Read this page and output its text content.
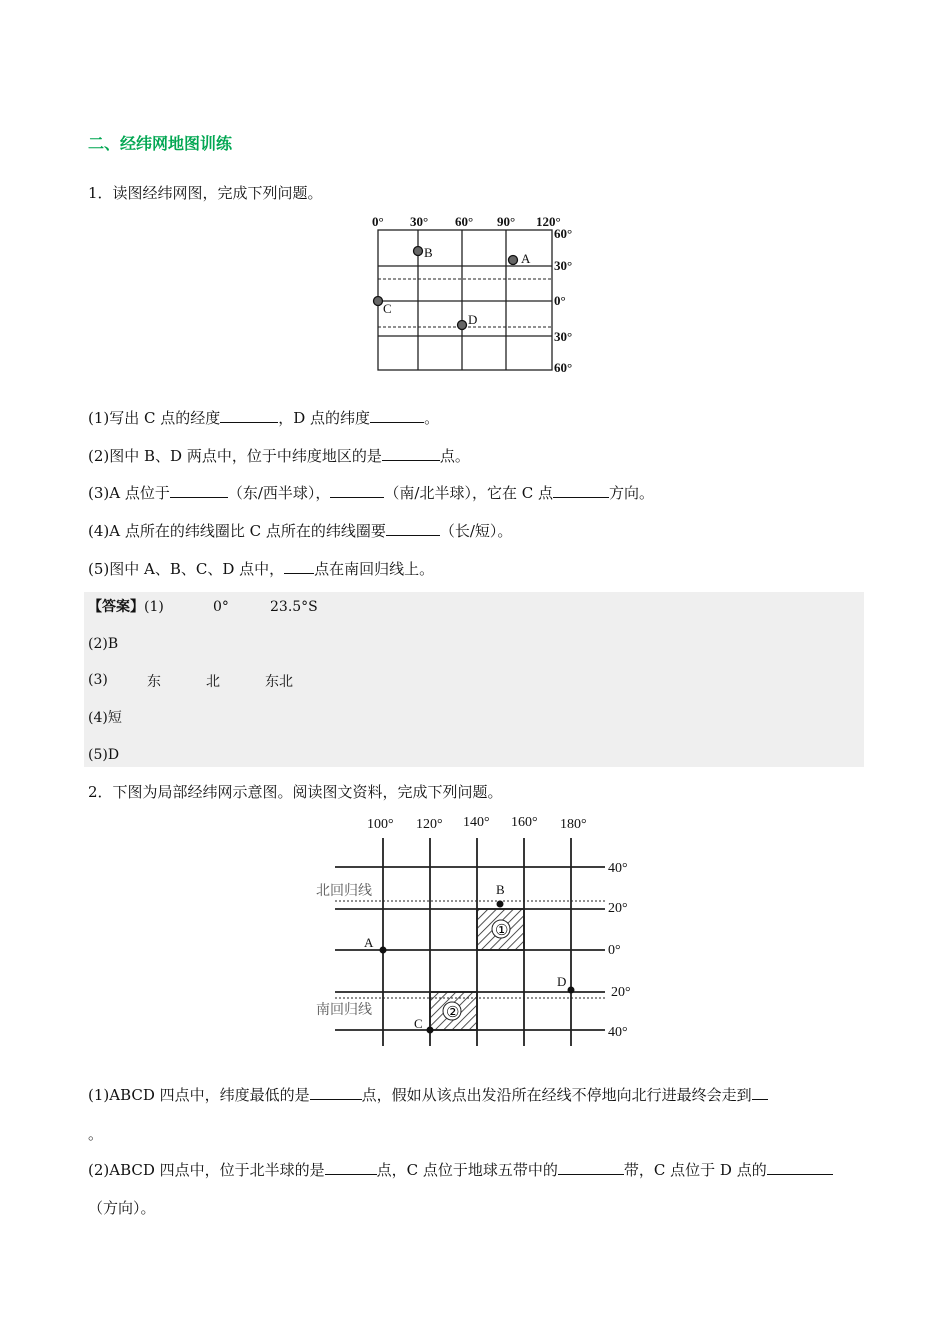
二、经纬网地图训练
1．读图经纬网图，完成下列问题。
0° 30° 60° 90° 120°
60°
30°
0°
30°
60°
A
B
C
D
(1)写出 C 点的经度	，D 点的纬度	。
(2)图中 B、D 两点中，位于中纬度地区的是	点。
(3)A 点位于	（东/西半球），	（南/北半球），它在 C 点	方向。
(4)A 点所在的纬线圈比 C 点所在的纬线圈要	（长/短）。
(5)图中 A、B、C、D 点中， 点在南回归线上。
【答案】(1)	0°	23.5°S
(2)B
(3)	东	北	东北
(4)短
(5)D
2．下图为局部经纬网示意图。阅读图文资料，完成下列问题。
①
②
100° 120° 140° 160° 180°
40°
20°
0°
20°
40°
北回归线
南回归线
A
B
C
D
(1)ABCD 四点中，纬度最低的是	点，假如从该点出发沿所在经线不停地向北行进最终会走到
。
(2)ABCD 四点中，位于北半球的是	点，C 点位于地球五带中的	带，C 点位于 D 点的
（方向）。
